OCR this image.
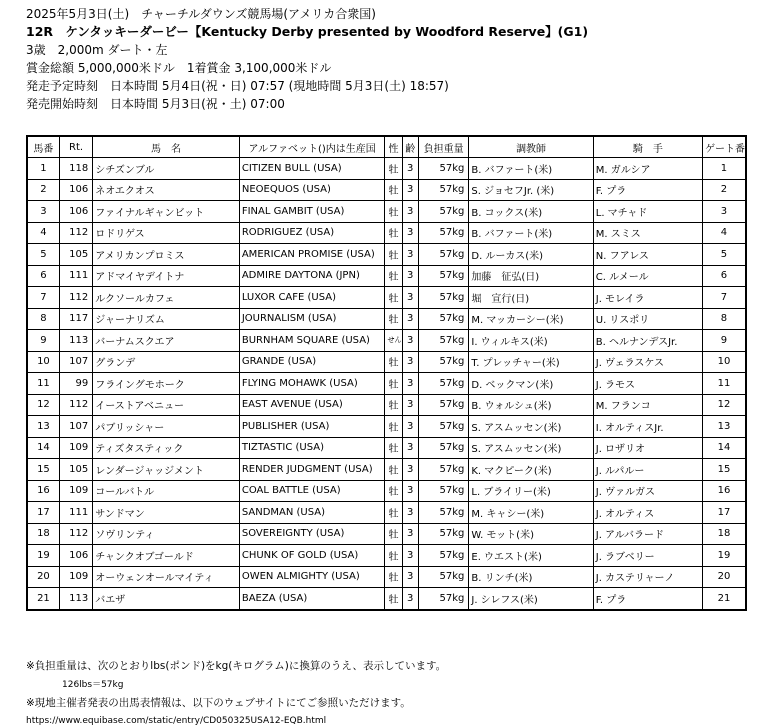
2025年5月3日(土)　チャーチルダウンズ競馬場(アメリカ合衆国)
12R　ケンタッキーダービー【Kentucky Derby presented by Woodford Reserve】(G1)
3歳　2,000m ダート・左
賞金総額 5,000,000米ドル　1着賞金 3,100,000米ドル
発走予定時刻　日本時間 5月4日(祝・日) 07:57 (現地時間 5月3日(土) 18:57)
発売開始時刻　日本時間 5月3日(祝・土) 07:00
馬番	Rt.	馬　名	アルファベット()内は生産国	性	齢	負担重量	調教師	騎　手	ゲート番
1	118	シチズンブル	CITIZEN BULL (USA)	牡	3	57kg	B. バファート(米)	M. ガルシア	1
2	106	ネオエクオス	NEOEQUOS (USA)	牡	3	57kg	S. ジョセフJr. (米)	F. プラ	2
3	106	ファイナルギャンビット	FINAL GAMBIT (USA)	牡	3	57kg	B. コックス(米)	L. マチャド	3
4	112	ロドリゲス	RODRIGUEZ (USA)	牡	3	57kg	B. バファート(米)	M. スミス	4
5	105	アメリカンプロミス	AMERICAN PROMISE (USA)	牡	3	57kg	D. ルーカス(米)	N. フアレス	5
6	111	アドマイヤデイトナ	ADMIRE DAYTONA (JPN)	牡	3	57kg	加藤　征弘(日)	C. ルメール	6
7	112	ルクソールカフェ	LUXOR CAFE (USA)	牡	3	57kg	堀　宣行(日)	J. モレイラ	7
8	117	ジャーナリズム	JOURNALISM (USA)	牡	3	57kg	M. マッカーシー(米)	U. リスポリ	8
9	113	バーナムスクエア	BURNHAM SQUARE (USA)	せん	3	57kg	I. ウィルキス(米)	B. ヘルナンデスJr.	9
10	107	グランデ	GRANDE (USA)	牡	3	57kg	T. プレッチャー(米)	J. ヴェラスケス	10
11	99	フライングモホーク	FLYING MOHAWK (USA)	牡	3	57kg	D. ベックマン(米)	J. ラモス	11
12	112	イーストアベニュー	EAST AVENUE (USA)	牡	3	57kg	B. ウォルシュ(米)	M. フランコ	12
13	107	パブリッシャー	PUBLISHER (USA)	牡	3	57kg	S. アスムッセン(米)	I. オルティスJr.	13
14	109	ティズタスティック	TIZTASTIC (USA)	牡	3	57kg	S. アスムッセン(米)	J. ロザリオ	14
15	105	レンダージャッジメント	RENDER JUDGMENT (USA)	牡	3	57kg	K. マクピーク(米)	J. ルパルー	15
16	109	コールバトル	COAL BATTLE (USA)	牡	3	57kg	L. ブライリー(米)	J. ヴァルガス	16
17	111	サンドマン	SANDMAN (USA)	牡	3	57kg	M. キャシー(米)	J. オルティス	17
18	112	ソヴリンティ	SOVEREIGNTY (USA)	牡	3	57kg	W. モット(米)	J. アルバラード	18
19	106	チャンクオブゴールド	CHUNK OF GOLD (USA)	牡	3	57kg	E. ウエスト(米)	J. ラブベリー	19
20	109	オーウェンオールマイティ	OWEN ALMIGHTY (USA)	牡	3	57kg	B. リンチ(米)	J. カステリャーノ	20
21	113	バエザ	BAEZA (USA)	牡	3	57kg	J. シレフス(米)	F. プラ	21
※負担重量は、次のとおりlbs(ポンド)をkg(キログラム)に換算のうえ、表示しています。
126lbs＝57kg
※現地主催者発表の出馬表情報は、以下のウェブサイトにてご参照いただけます。
https://www.equibase.com/static/entry/CD050325USA12-EQB.html
